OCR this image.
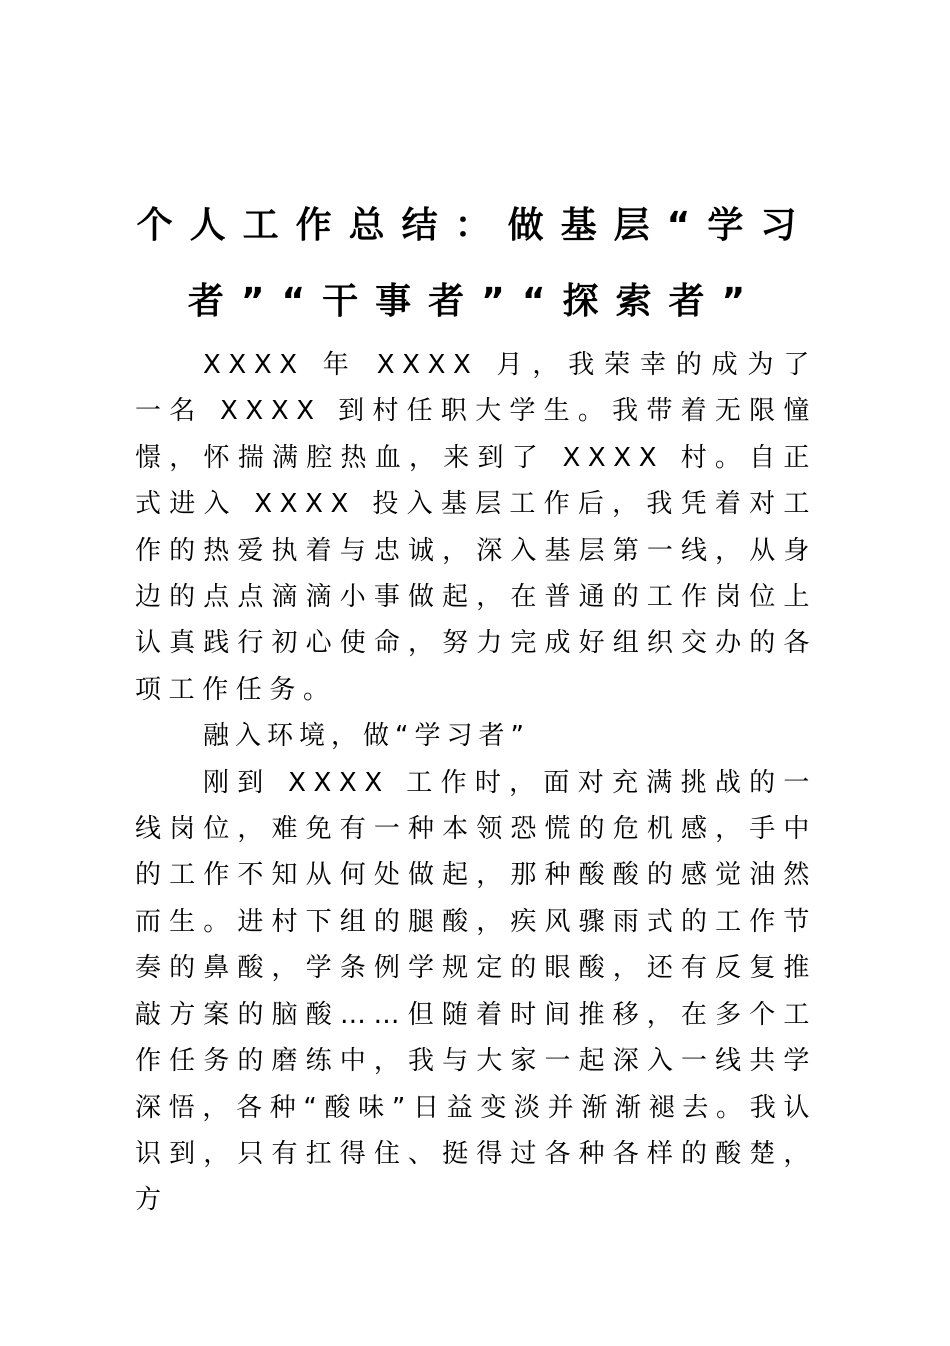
个人工作总结：做基层“学习者”“干事者”“探索者”

XXXX 年 XXXX 月，我荣幸的成为了一名 XXXX 到村任职大学生。我带着无限憧憬，怀揣满腔热血，来到了 XXXX 村。自正式进入 XXXX 投入基层工作后，我凭着对工作的热爱执着与忠诚，深入基层第一线，从身边的点点滴滴小事做起，在普通的工作岗位上认真践行初心使命，努力完成好组织交办的各项工作任务。

融入环境，做“学习者”

刚到 XXXX 工作时，面对充满挑战的一线岗位，难免有一种本领恐慌的危机感，手中的工作不知从何处做起，那种酸酸的感觉油然而生。进村下组的腿酸，疾风骤雨式的工作节奏的鼻酸，学条例学规定的眼酸，还有反复推敲方案的脑酸……但随着时间推移，在多个工作任务的磨练中，我与大家一起深入一线共学深悟，各种“酸味”日益变淡并渐渐褪去。我认识到，只有扛得住、挺得过各种各样的酸楚，方
